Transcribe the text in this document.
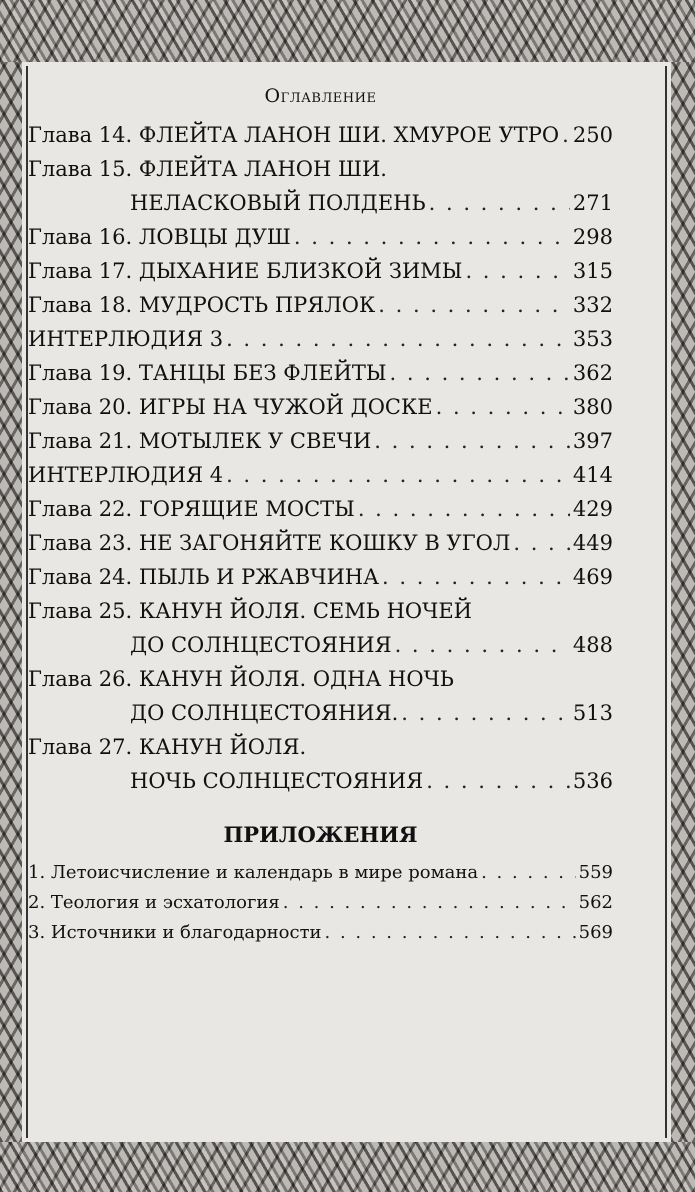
Оглавление
Глава 14. ФЛЕЙТА ЛАНОН ШИ. ХМУРОЕ УТРО . . . 250
Глава 15. ФЛЕЙТА ЛАНОН ШИ.
НЕЛАСКОВЫЙ ПОЛДЕНЬ . . .	271
Глава 16. ЛОВЦЫ ДУШ . . .	298
Глава 17. ДЫХАНИЕ БЛИЗКОЙ ЗИМЫ . . .	315
Глава 18. МУДРОСТЬ ПРЯЛОК . . .	332
ИНТЕРЛЮДИЯ 3 . . .	353
Глава 19. ТАНЦЫ БЕЗ ФЛЕЙТЫ . . .	362
Глава 20. ИГРЫ НА ЧУЖОЙ ДОСКЕ . . .	380
Глава 21. МОТЫЛЕК У СВЕЧИ . . .	397
ИНТЕРЛЮДИЯ 4 . . .	414
Глава 22. ГОРЯЩИЕ МОСТЫ . . .	429
Глава 23. НЕ ЗАГОНЯЙТЕ КОШКУ В УГОЛ . . .	449
Глава 24. ПЫЛЬ И РЖАВЧИНА . . .	469
Глава 25. КАНУН ЙОЛЯ. СЕМЬ НОЧЕЙ
ДО СОЛНЦЕСТОЯНИЯ . . .	488
Глава 26. КАНУН ЙОЛЯ. ОДНА НОЧЬ
ДО СОЛНЦЕСТОЯНИЯ. . . .	513
Глава 27. КАНУН ЙОЛЯ.
НОЧЬ СОЛНЦЕСТОЯНИЯ . . .	536
ПРИЛОЖЕНИЯ
1. Летоисчисление и календарь в мире романа . . .	559
2. Теология и эсхатология . . .	562
3. Источники и благодарности . . .	569
